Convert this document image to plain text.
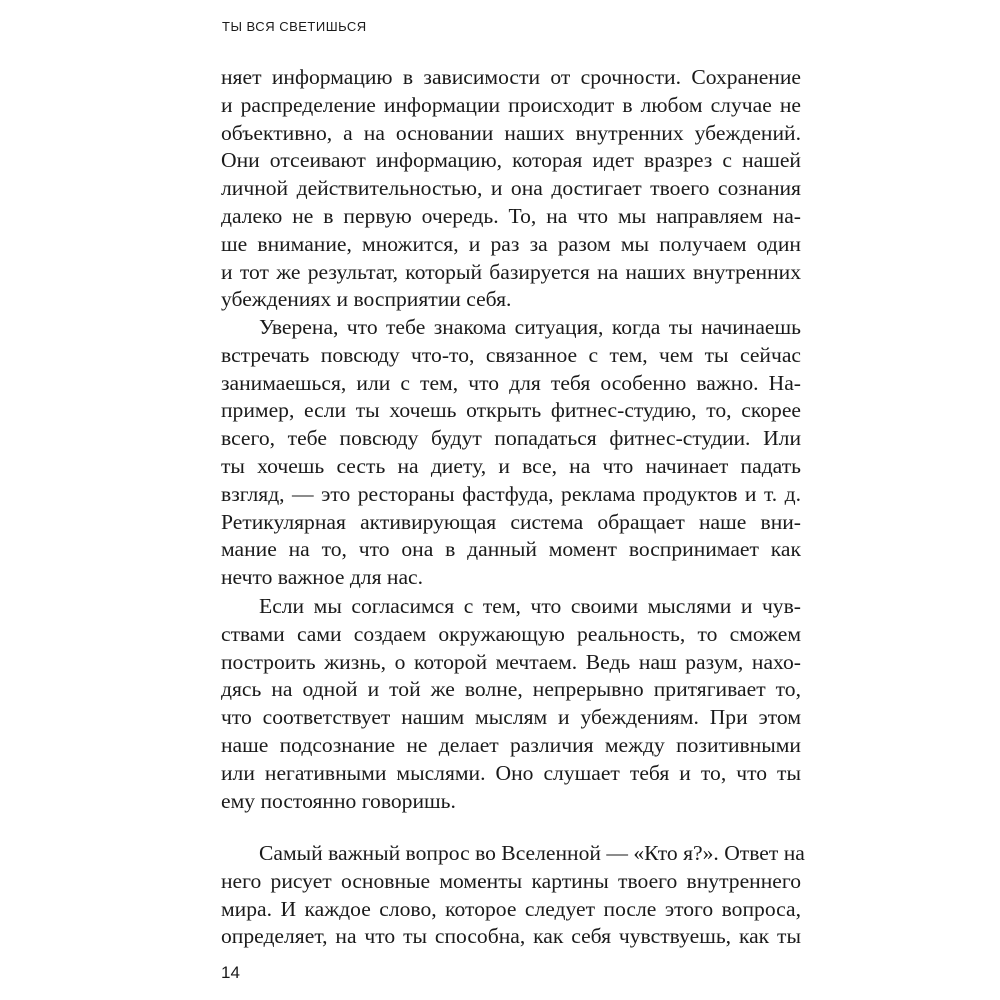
ТЫ ВСЯ СВЕТИШЬСЯ
няет информацию в зависимости от срочности. Сохранение
и распределение информации происходит в любом случае не
объективно, а на основании наших внутренних убеждений.
Они отсеивают информацию, которая идет вразрез с нашей
личной действительностью, и она достигает твоего сознания
далеко не в первую очередь. То, на что мы направляем на-
ше внимание, множится, и раз за разом мы получаем один
и тот же результат, который базируется на наших внутренних
убеждениях и восприятии себя.
Уверена, что тебе знакома ситуация, когда ты начинаешь
встречать повсюду что-то, связанное с тем, чем ты сейчас
занимаешься, или с тем, что для тебя особенно важно. На-
пример, если ты хочешь открыть фитнес-студию, то, скорее
всего, тебе повсюду будут попадаться фитнес-студии. Или
ты хочешь сесть на диету, и все, на что начинает падать
взгляд, — это рестораны фастфуда, реклама продуктов и т. д.
Ретикулярная активирующая система обращает наше вни-
мание на то, что она в данный момент воспринимает как
нечто важное для нас.
Если мы согласимся с тем, что своими мыслями и чув-
ствами сами создаем окружающую реальность, то сможем
построить жизнь, о которой мечтаем. Ведь наш разум, нахо-
дясь на одной и той же волне, непрерывно притягивает то,
что соответствует нашим мыслям и убеждениям. При этом
наше подсознание не делает различия между позитивными
или негативными мыслями. Оно слушает тебя и то, что ты
ему постоянно говоришь.
Самый важный вопрос во Вселенной — «Кто я?». Ответ на
него рисует основные моменты картины твоего внутреннего
мира. И каждое слово, которое следует после этого вопроса,
определяет, на что ты способна, как себя чувствуешь, как ты
14
